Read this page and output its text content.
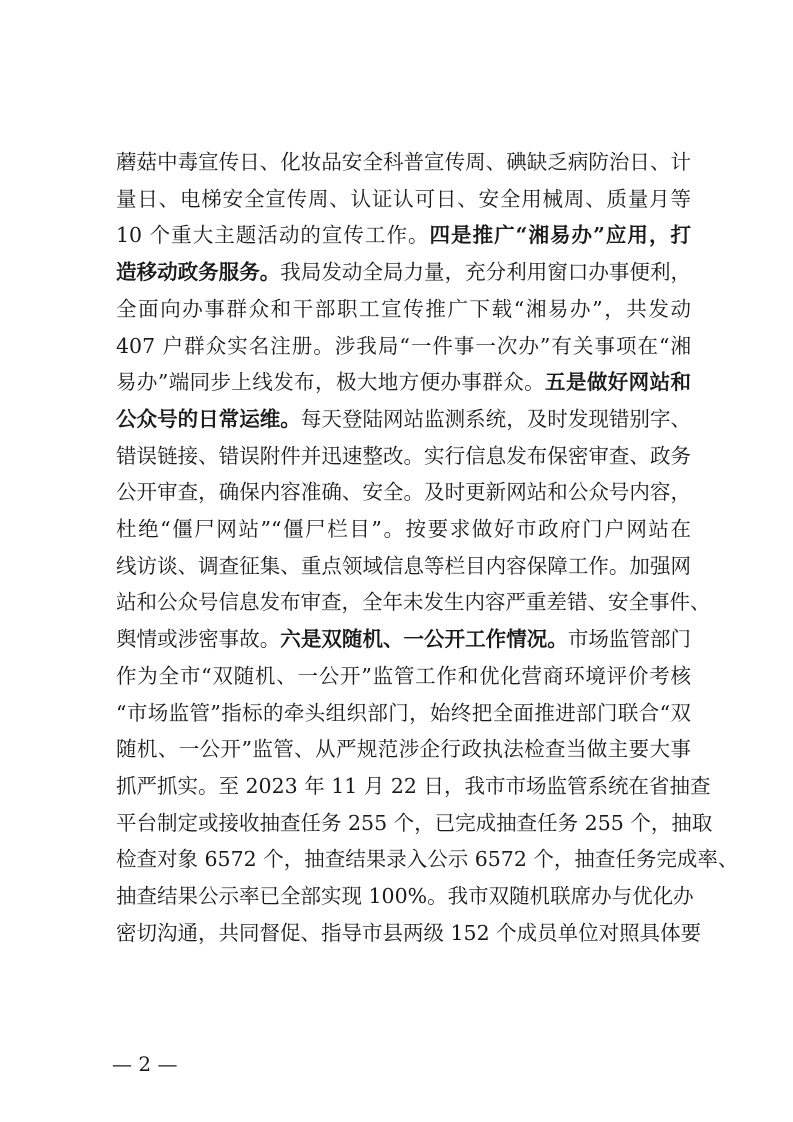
蘑菇中毒宣传日、化妆品安全科普宣传周、碘缺乏病防治日、计
量日、电梯安全宣传周、认证认可日、安全用械周、质量月等
10 个重大主题活动的宣传工作。四是推广“湘易办”应用，打
造移动政务服务。我局发动全局力量，充分利用窗口办事便利，
全面向办事群众和干部职工宣传推广下载“湘易办”，共发动
407 户群众实名注册。涉我局“一件事一次办”有关事项在“湘
易办”端同步上线发布，极大地方便办事群众。五是做好网站和
公众号的日常运维。每天登陆网站监测系统，及时发现错别字、
错误链接、错误附件并迅速整改。实行信息发布保密审查、政务
公开审查，确保内容准确、安全。及时更新网站和公众号内容，
杜绝“僵尸网站”“僵尸栏目”。按要求做好市政府门户网站在
线访谈、调查征集、重点领域信息等栏目内容保障工作。加强网
站和公众号信息发布审查，全年未发生内容严重差错、安全事件、
舆情或涉密事故。六是双随机、一公开工作情况。市场监管部门
作为全市“双随机、一公开”监管工作和优化营商环境评价考核
“市场监管”指标的牵头组织部门，始终把全面推进部门联合“双
随机、一公开”监管、从严规范涉企行政执法检查当做主要大事
抓严抓实。至 2023 年 11 月 22 日，我市市场监管系统在省抽查
平台制定或接收抽查任务 255 个，已完成抽查任务 255 个，抽取
检查对象 6572 个，抽查结果录入公示 6572 个，抽查任务完成率、
抽查结果公示率已全部实现 100%。我市双随机联席办与优化办
密切沟通，共同督促、指导市县两级 152 个成员单位对照具体要
— 2 —
